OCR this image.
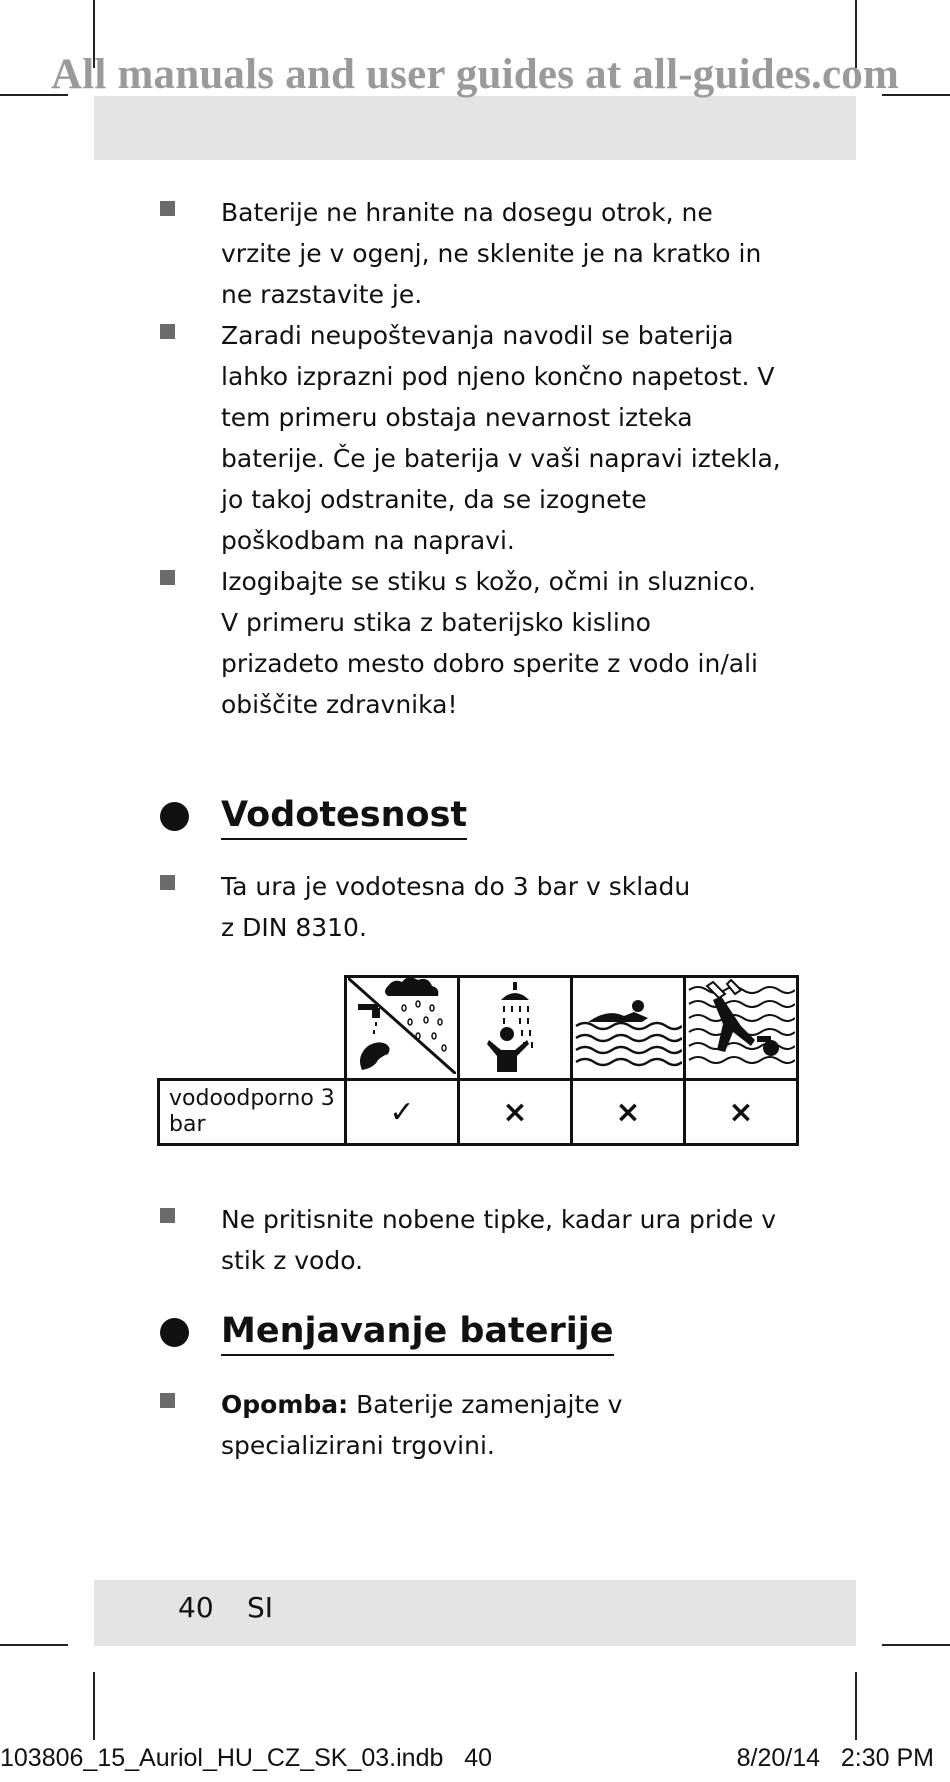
All manuals and user guides at all-guides.com
Baterije ne hranite na dosegu otrok, ne vrzite je v ogenj, ne sklenite je na kratko in ne razstavite je.
Zaradi neupoštevanja navodil se baterija lahko izprazni pod njeno končno napetost. V tem primeru obstaja nevarnost izteka baterije. Če je baterija v vaši napravi iztekla, jo takoj odstranite, da se izognete poškodbam na napravi.
Izogibajte se stiku s kožo, očmi in sluznico. V primeru stika z baterijsko kislino prizadeto mesto dobro sperite z vodo in/ali obiščite zdravnika!
Vodotesnost
Ta ura je vodotesna do 3 bar v skladu z DIN 8310.

vodoodporno 3 bar	✓	×	×	×
Ne pritisnite nobene tipke, kadar ura pride v stik z vodo.
Menjavanje baterije
Opomba: Baterije zamenjajte v specializirani trgovini.
40 SI
103806_15_Auriol_HU_CZ_SK_03.indb   40	8/20/14   2:30 PM
